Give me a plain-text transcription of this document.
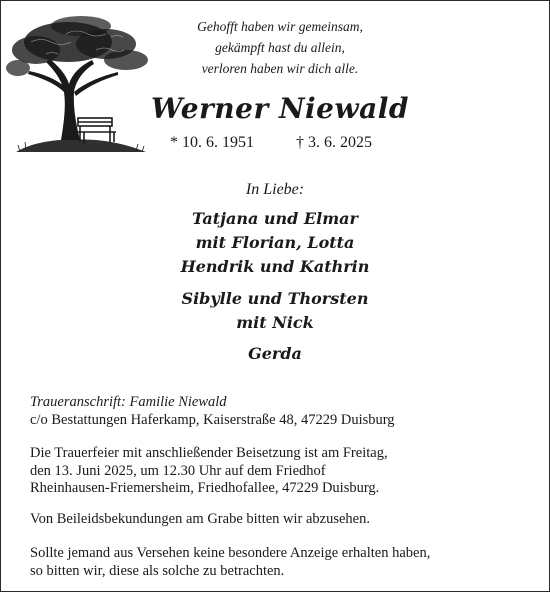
Gehofft haben wir gemeinsam,
gekämpft hast du allein,
verloren haben wir dich alle.
Werner Niewald
* 10. 6. 1951	† 3. 6. 2025
In Liebe:
Tatjana und Elmar
mit Florian, Lotta
Hendrik und Kathrin
Sibylle und Thorsten
mit Nick
Gerda
Traueranschrift: Familie Niewald
c/o Bestattungen Haferkamp, Kaiserstraße 48, 47229 Duisburg
Die Trauerfeier mit anschließender Beisetzung ist am Freitag,
den 13. Juni 2025, um 12.30 Uhr auf dem Friedhof
Rheinhausen-Friemersheim, Friedhofallee, 47229 Duisburg.
Von Beileidsbekundungen am Grabe bitten wir abzusehen.
Sollte jemand aus Versehen keine besondere Anzeige erhalten haben,
so bitten wir, diese als solche zu betrachten.
